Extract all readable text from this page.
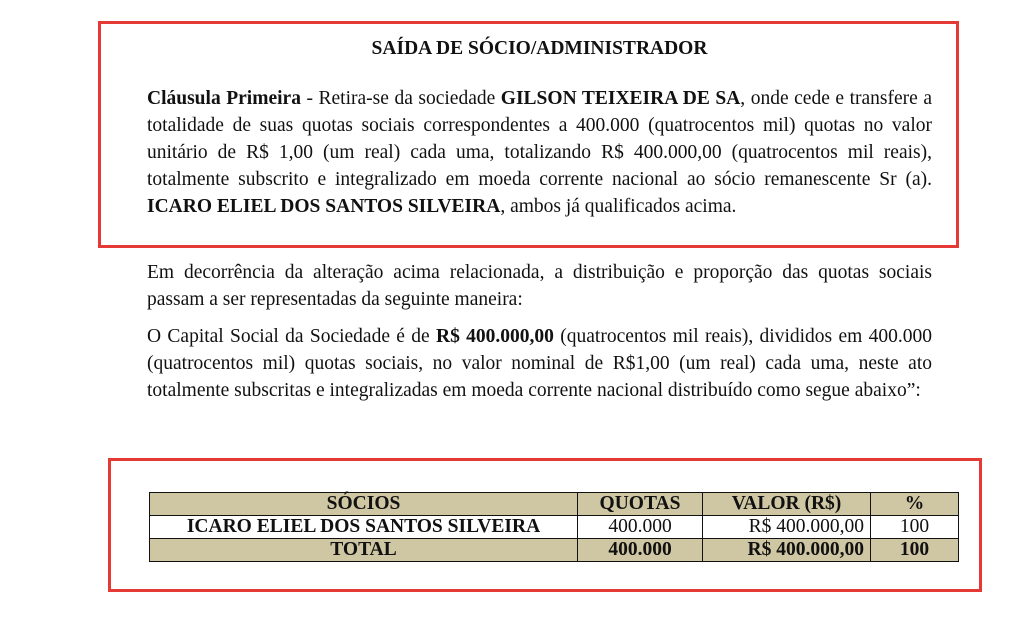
SAÍDA DE SÓCIO/ADMINISTRADOR

Cláusula Primeira - Retira-se da sociedade GILSON TEIXEIRA DE SA, onde cede e transfere a totalidade de suas quotas sociais correspondentes a 400.000 (quatrocentos mil) quotas no valor unitário de R$ 1,00 (um real) cada uma, totalizando R$ 400.000,00 (quatrocentos mil reais), totalmente subscrito e integralizado em moeda corrente nacional ao sócio remanescente Sr (a). ICARO ELIEL DOS SANTOS SILVEIRA, ambos já qualificados acima.

Em decorrência da alteração acima relacionada, a distribuição e proporção das quotas sociais passam a ser representadas da seguinte maneira:

O Capital Social da Sociedade é de R$ 400.000,00 (quatrocentos mil reais), divididos em 400.000 (quatrocentos mil) quotas sociais, no valor nominal de R$1,00 (um real) cada uma, neste ato totalmente subscritas e integralizadas em moeda corrente nacional distribuído como segue abaixo”:

SÓCIOS	QUOTAS	VALOR (R$)	%
ICARO ELIEL DOS SANTOS SILVEIRA	400.000	R$ 400.000,00	100
TOTAL	400.000	R$ 400.000,00	100
